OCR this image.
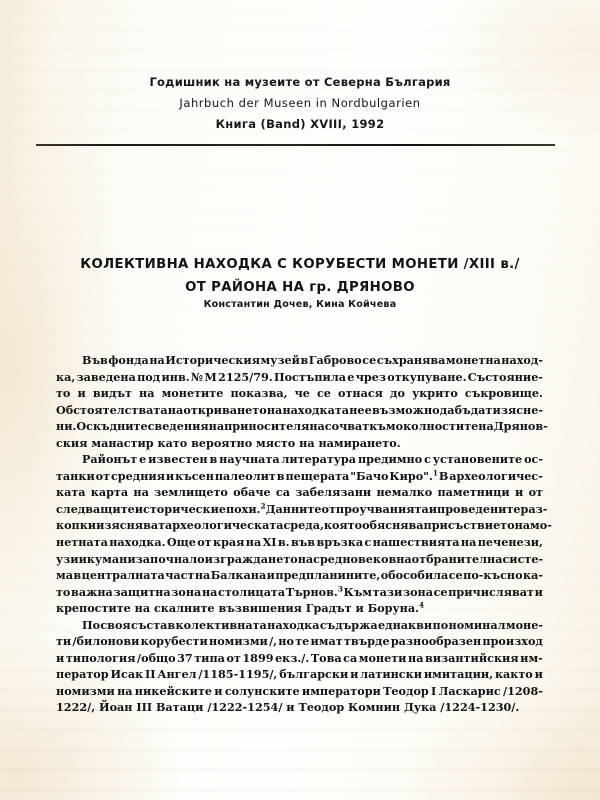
Годишник на музеите от Северна България
Jahrbuch der Museen in Nordbulgarien
Книга (Band) XVIII, 1992
КОЛЕКТИВНА НАХОДКА С КОРУБЕСТИ МОНЕТИ /XIII в./
ОТ РАЙОНА НА гр. ДРЯНОВО
Константин Дочев, Кина Койчева
Във фонда на Историческия музей в Габрово се съхранява монетна наход-
ка, заведена под инв. № М 2125/79. Постъпила е чрез откупуване. Състояние-
то и видът на монетите показва, че се отнася до укрито съкровище.
Обстоятелствата на откриването на находката не е възможно да бъдат изясне-
ни. Оскъдните сведения на приносителя насочват към околностите на Дрянов-
ския манастир като вероятно място на намирането.
Районът е известен в научната литература предимно с установените ос-
танки от средния и късен палеолит в пещерата "Бачо Киро".$^1$ В археологичес-
ката карта на землището обаче са забелязани немалко паметници и от
следващите исторически епохи.$^2$ Данните от проучванията и проведените раз-
копки изясняват археологическата среда, която обяснява присъствието на мо-
нетната находка. Още от края на XI в. във връзка с нашествията на печенези,
узи и кумани започнало изграждането на средновековна отбранителна систе-
ма в централната част на Балкана и предпланините, обособила се по-късно ка-
то важна защитна зона на столицата Търнов.$^3$ Към тази зона се причисляват и
крепостите на скалните възвишения Градът и Боруна.$^4$
По своя състав колективната находка съдържа еднакви по номинал моне-
ти /билонови корубести номизми /, но те имат твърде разнообразен произход
и типология /общо 37 типа от 1899 екз./. Това са монети на византийския им-
ператор Исак II Ангел /1185-1195/, български и латински имитации, както и
номизми на никейските и солунските императори Теодор I Ласкарис /1208-
1222/, Йоан III Ватаци /1222-1254/ и Теодор Комнин Дука /1224-1230/.
